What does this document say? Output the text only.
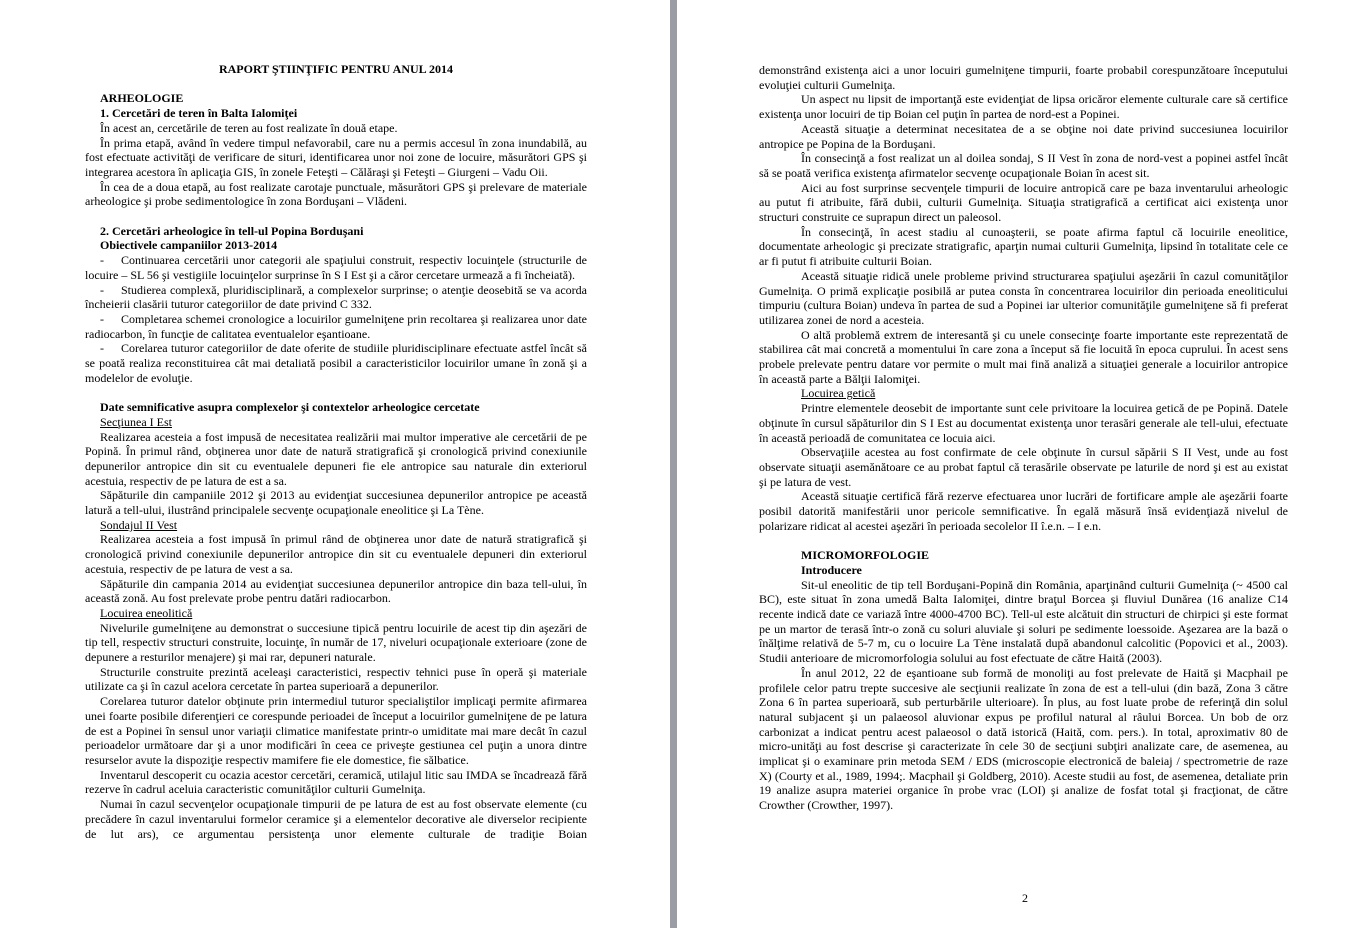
RAPORT ŞTIINŢIFIC PENTRU ANUL 2014
ARHEOLOGIE
1. Cercetări de teren în Balta Ialomiţei

În acest an, cercetările de teren au fost realizate în două etape.

În prima etapă, având în vedere timpul nefavorabil, care nu a permis accesul în zona inundabilă, au fost efectuate activităţi de verificare de situri, identificarea unor noi zone de locuire, măsurători GPS şi integrarea acestora în aplicaţia GIS, în zonele Feteşti – Călăraşi şi Feteşti – Giurgeni – Vadu Oii.

În cea de a doua etapă, au fost realizate carotaje punctuale, măsurători GPS şi prelevare de materiale arheologice şi probe sedimentologice în zona Borduşani – Vlădeni.

2. Cercetări arheologice în tell-ul Popina Borduşani
Obiectivele campaniilor 2013-2014

- Continuarea cercetării unor categorii ale spaţiului construit, respectiv locuinţele (structurile de locuire – SL 56 şi vestigiile locuinţelor surprinse în S I Est şi a căror cercetare urmează a fi încheiată).

- Studierea complexă, pluridisciplinară, a complexelor surprinse; o atenţie deosebită se va acorda încheierii clasării tuturor categoriilor de date privind C 332.

- Completarea schemei cronologice a locuirilor gumelniţene prin recoltarea şi realizarea unor date radiocarbon, în funcţie de calitatea eventualelor eşantioane.

- Corelarea tuturor categoriilor de date oferite de studiile pluridisciplinare efectuate astfel încât să se poată realiza reconstituirea cât mai detaliată posibil a caracteristicilor locuirilor umane în zonă şi a modelelor de evoluţie.

Date semnificative asupra complexelor şi contextelor arheologice cercetate
Secţiunea I Est

Realizarea acesteia a fost impusă de necesitatea realizării mai multor imperative ale cercetării de pe Popină. În primul rând, obţinerea unor date de natură stratigrafică şi cronologică privind conexiunile depunerilor antropice din sit cu eventualele depuneri fie ele antropice sau naturale din exteriorul acestuia, respectiv de pe latura de est a sa.

Săpăturile din campaniile 2012 şi 2013 au evidenţiat succesiunea depunerilor antropice pe această latură a tell-ului, ilustrând principalele secvenţe ocupaţionale eneolitice şi La Tène.

Sondajul II Vest

Realizarea acesteia a fost impusă în primul rând de obţinerea unor date de natură stratigrafică şi cronologică privind conexiunile depunerilor antropice din sit cu eventualele depuneri din exteriorul acestuia, respectiv de pe latura de vest a sa.

Săpăturile din campania 2014 au evidenţiat succesiunea depunerilor antropice din baza tell-ului, în această zonă. Au fost prelevate probe pentru datări radiocarbon.

Locuirea eneolitică

Nivelurile gumelniţene au demonstrat o succesiune tipică pentru locuirile de acest tip din aşezări de tip tell, respectiv structuri construite, locuinţe, în număr de 17, niveluri ocupaţionale exterioare (zone de depunere a resturilor menajere) şi mai rar, depuneri naturale.

Structurile construite prezintă aceleaşi caracteristici, respectiv tehnici puse în operă şi materiale utilizate ca şi în cazul acelora cercetate în partea superioară a depunerilor.

Corelarea tuturor datelor obţinute prin intermediul tuturor specialiştilor implicaţi permite afirmarea unei foarte posibile diferenţieri ce corespunde perioadei de început a locuirilor gumelniţene de pe latura de est a Popinei în sensul unor variaţii climatice manifestate printr-o umiditate mai mare decât în cazul perioadelor următoare dar şi a unor modificări în ceea ce priveşte gestiunea cel puţin a unora dintre resurselor avute la dispoziţie respectiv mamifere fie ele domestice, fie sălbatice.

Inventarul descoperit cu ocazia acestor cercetări, ceramică, utilajul litic sau IMDA se încadrează fără rezerve în cadrul aceluia caracteristic comunităţilor culturii Gumelniţa.

Numai în cazul secvenţelor ocupaţionale timpurii de pe latura de est au fost observate elemente (cu precădere în cazul inventarului formelor ceramice şi a elementelor decorative ale diverselor recipiente de lut ars), ce argumentau persistenţa unor elemente culturale de tradiţie Boian

demonstrând existenţa aici a unor locuiri gumelniţene timpurii, foarte probabil corespunzătoare începutului evoluţiei culturii Gumelniţa.

Un aspect nu lipsit de importanţă este evidenţiat de lipsa oricăror elemente culturale care să certifice existenţa unor locuiri de tip Boian cel puţin în partea de nord-est a Popinei.

Această situaţie a determinat necesitatea de a se obţine noi date privind succesiunea locuirilor antropice pe Popina de la Borduşani.

În consecinţă a fost realizat un al doilea sondaj, S II Vest în zona de nord-vest a popinei astfel încât să se poată verifica existenţa afirmatelor secvenţe ocupaţionale Boian în acest sit.

Aici au fost surprinse secvenţele timpurii de locuire antropică care pe baza inventarului arheologic au putut fi atribuite, fără dubii, culturii Gumelniţa. Situaţia stratigrafică a certificat aici existenţa unor structuri construite ce suprapun direct un paleosol.

În consecinţă, în acest stadiu al cunoaşterii, se poate afirma faptul că locuirile eneolitice, documentate arheologic şi precizate stratigrafic, aparţin numai culturii Gumelniţa, lipsind în totalitate cele ce ar fi putut fi atribuite culturii Boian.

Această situaţie ridică unele probleme privind structurarea spaţiului aşezării în cazul comunităţilor Gumelniţa. O primă explicaţie posibilă ar putea consta în concentrarea locuirilor din perioada eneoliticului timpuriu (cultura Boian) undeva în partea de sud a Popinei iar ulterior comunităţile gumelniţene să fi preferat utilizarea zonei de nord a acesteia.

O altă problemă extrem de interesantă şi cu unele consecinţe foarte importante este reprezentată de stabilirea cât mai concretă a momentului în care zona a început să fie locuită în epoca cuprului. În acest sens probele prelevate pentru datare vor permite o mult mai fină analiză a situaţiei generale a locuirilor antropice în această parte a Bălţii Ialomiţei.

Locuirea getică

Printre elementele deosebit de importante sunt cele privitoare la locuirea getică de pe Popină. Datele obţinute în cursul săpăturilor din S I Est au documentat existenţa unor terasări generale ale tell-ului, efectuate în această perioadă de comunitatea ce locuia aici.

Observaţiile acestea au fost confirmate de cele obţinute în cursul săpării S II Vest, unde au fost observate situaţii asemănătoare ce au probat faptul că terasările observate pe laturile de nord şi est au existat şi pe latura de vest.

Această situaţie certifică fără rezerve efectuarea unor lucrări de fortificare ample ale aşezării foarte posibil datorită manifestării unor pericole semnificative. În egală măsură însă evidenţiază nivelul de polarizare ridicat al acestei aşezări în perioada secolelor II î.e.n. – I e.n.

MICROMORFOLOGIE
Introducere

Sit-ul eneolitic de tip tell Borduşani-Popină din România, aparţinând culturii Gumelniţa (~ 4500 cal BC), este situat în zona umedă Balta Ialomiţei, dintre braţul Borcea şi fluviul Dunărea (16 analize C14 recente indică date ce variază între 4000-4700 BC). Tell-ul este alcătuit din structuri de chirpici şi este format pe un martor de terasă într-o zonă cu soluri aluviale şi soluri pe sedimente loessoide. Aşezarea are la bază o înălţime relativă de 5-7 m, cu o locuire La Tène instalată după abandonul calcolitic (Popovici et al., 2003). Studii anterioare de micromorfologia solului au fost efectuate de către Haită (2003).

În anul 2012, 22 de eşantioane sub formă de monoliţi au fost prelevate de Haită şi Macphail pe profilele celor patru trepte succesive ale secţiunii realizate în zona de est a tell-ului (din bază, Zona 3 către Zona 6 în partea superioară, sub perturbările ulterioare). În plus, au fost luate probe de referinţă din solul natural subjacent şi un palaeosol aluvionar expus pe profilul natural al râului Borcea. Un bob de orz carbonizat a indicat pentru acest palaeosol o dată istorică (Haită, com. pers.). In total, aproximativ 80 de micro-unităţi au fost descrise şi caracterizate în cele 30 de secţiuni subţiri analizate care, de asemenea, au implicat şi o examinare prin metoda SEM / EDS (microscopie electronică de baleiaj / spectrometrie de raze X) (Courty et al., 1989, 1994;. Macphail şi Goldberg, 2010). Aceste studii au fost, de asemenea, detaliate prin 19 analize asupra materiei organice în probe vrac (LOI) şi analize de fosfat total şi fracţionat, de către Crowther (Crowther, 1997).

2
